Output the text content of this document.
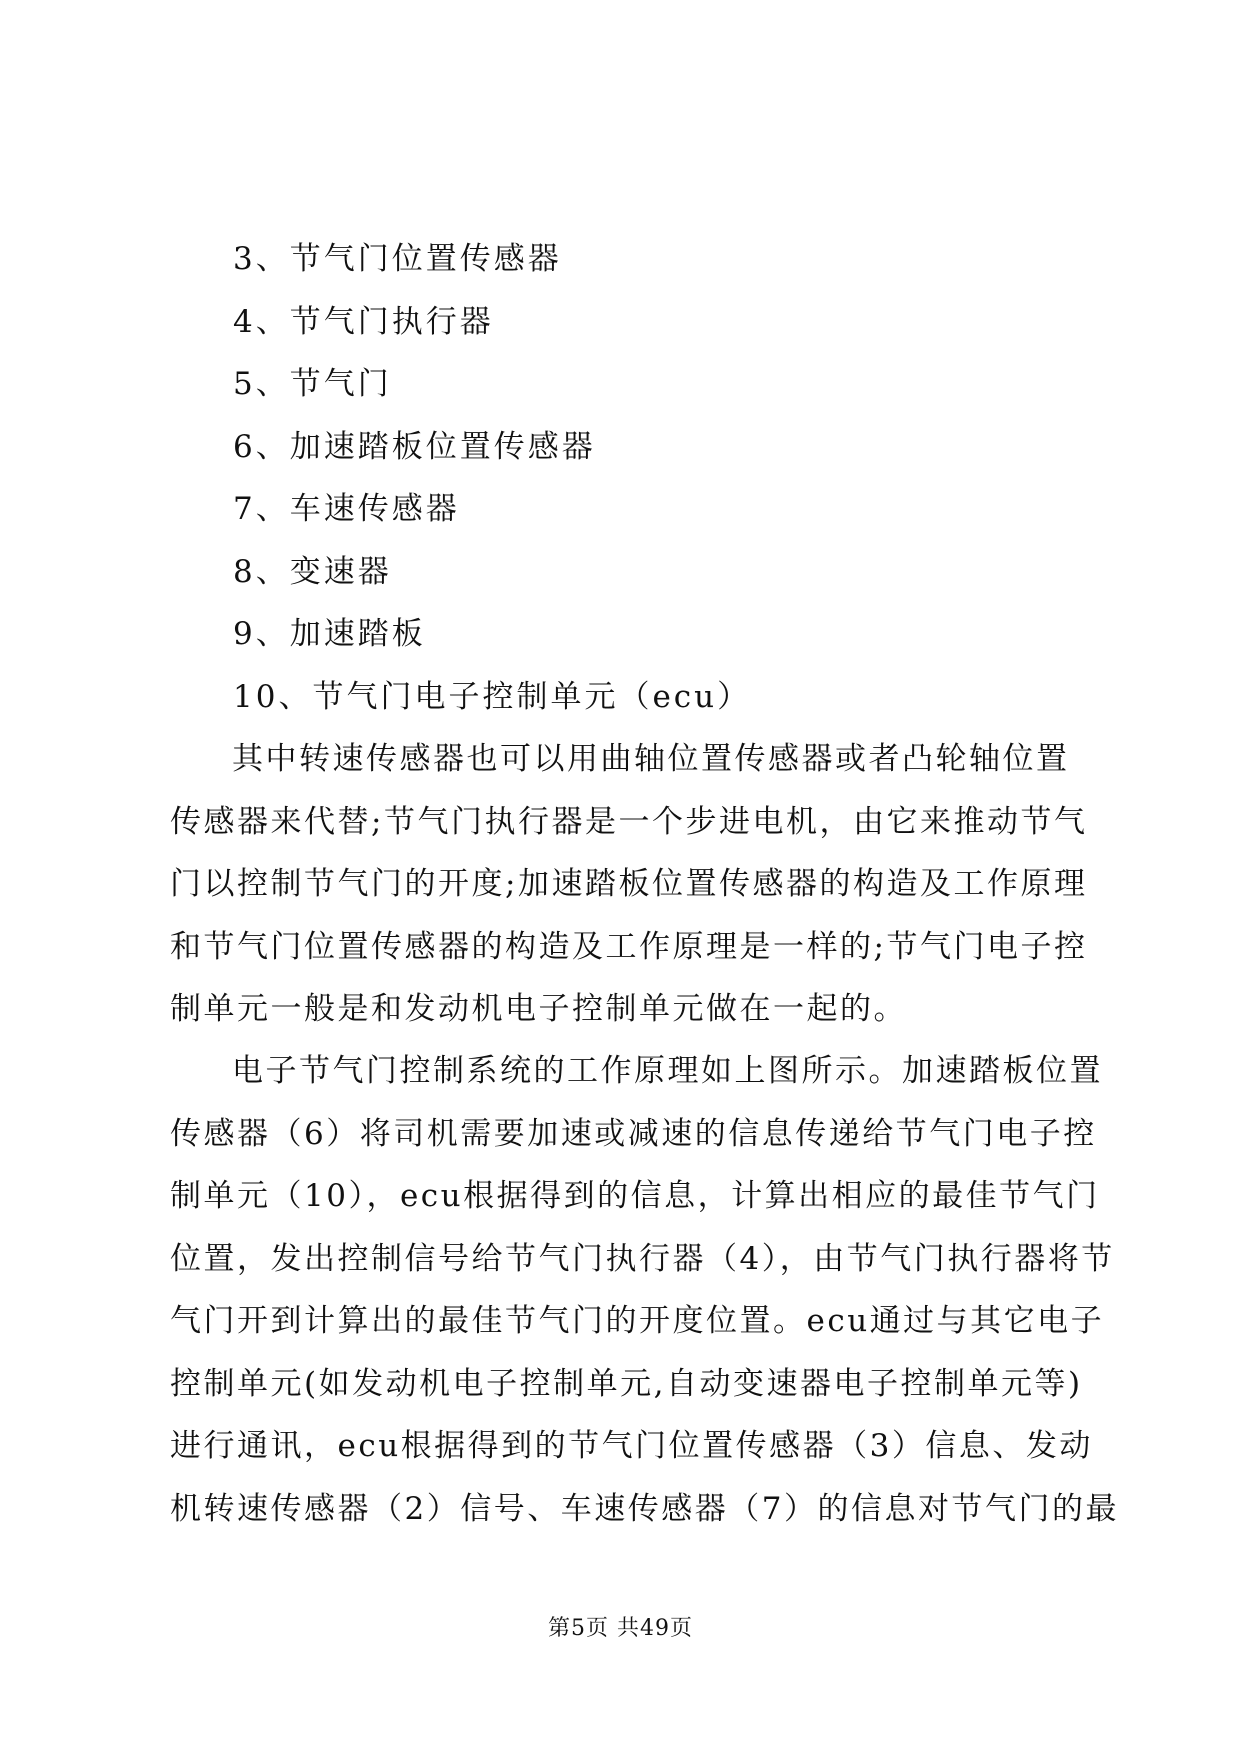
3、节气门位置传感器
4、节气门执行器
5、节气门
6、加速踏板位置传感器
7、车速传感器
8、变速器
9、加速踏板
10、节气门电子控制单元（ecu）
其中转速传感器也可以用曲轴位置传感器或者凸轮轴位置
传感器来代替;节气门执行器是一个步进电机，由它来推动节气
门以控制节气门的开度;加速踏板位置传感器的构造及工作原理
和节气门位置传感器的构造及工作原理是一样的;节气门电子控
制单元一般是和发动机电子控制单元做在一起的。
电子节气门控制系统的工作原理如上图所示。加速踏板位置
传感器（6）将司机需要加速或减速的信息传递给节气门电子控
制单元（10），ecu根据得到的信息，计算出相应的最佳节气门
位置，发出控制信号给节气门执行器（4），由节气门执行器将节
气门开到计算出的最佳节气门的开度位置。ecu通过与其它电子
控制单元(如发动机电子控制单元,自动变速器电子控制单元等)
进行通讯，ecu根据得到的节气门位置传感器（3）信息、发动
机转速传感器（2）信号、车速传感器（7）的信息对节气门的最
第5页 共49页
